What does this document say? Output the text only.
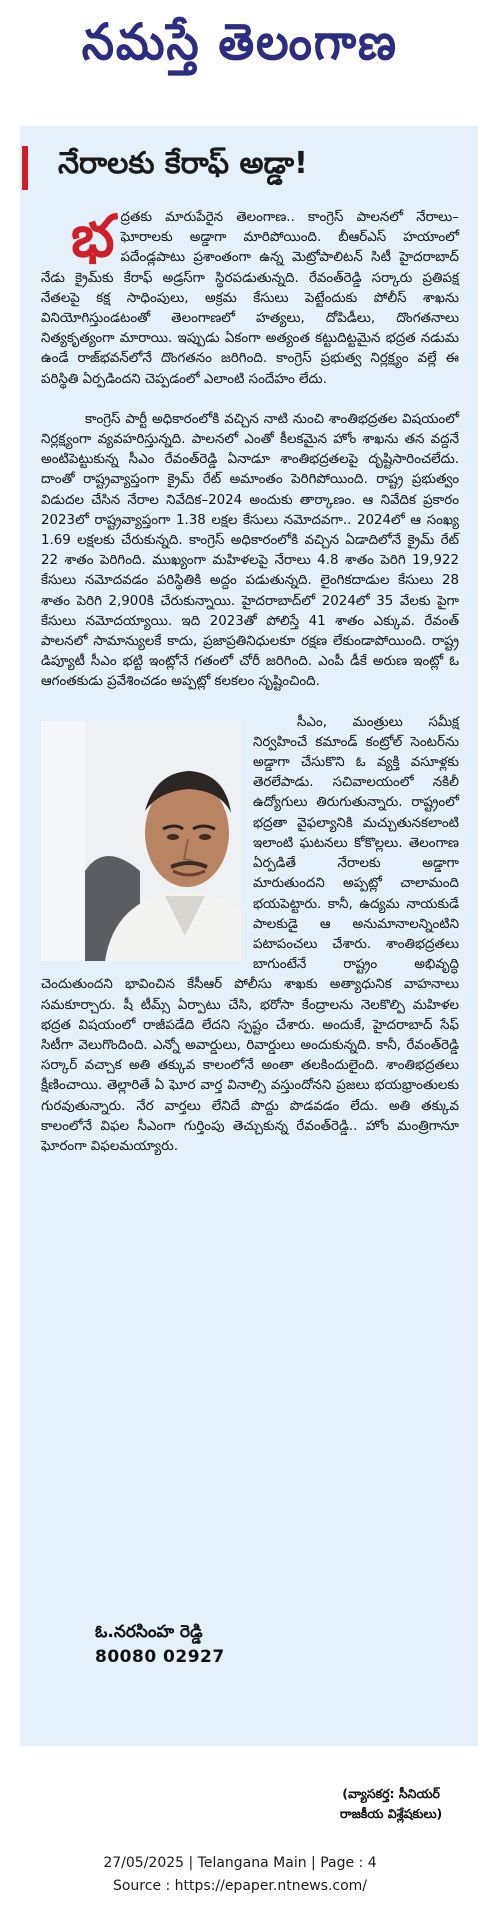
నమస్తే తెలంగాణ
నేరాలకు కేరాఫ్ అడ్డా!

భద్రతకు మారుపేరైన తెలంగాణ.. కాంగ్రెస్ పాలనలో నేరాలు–ఘోరాలకు అడ్డాగా మారిపోయింది. బీఆర్ఎస్ హయాంలో పదేండ్లపాటు ప్రశాంతంగా ఉన్న మెట్రోపాలిటన్ సిటీ హైదరాబాద్ నేడు క్రైమ్‌కు కేరాఫ్ అడ్రస్‌గా స్థిరపడుతున్నది. రేవంత్‌రెడ్డి సర్కారు ప్రతిపక్ష నేతలపై కక్ష సాధింపులు, అక్రమ కేసులు పెట్టేందుకు పోలీస్ శాఖను వినియోగిస్తుండటంతో తెలంగాణలో హత్యలు, దోపిడీలు, దొంగతనాలు నిత్యకృత్యంగా మారాయి. ఇప్పుడు ఏకంగా అత్యంత కట్టుదిట్టమైన భద్రత నడుమ ఉండే రాజ్‌భవన్‌లోనే దొంగతనం జరిగింది. కాంగ్రెస్ ప్రభుత్వ నిర్లక్ష్యం వల్లే ఈ పరిస్థితి ఏర్పడిందని చెప్పడంలో ఎలాంటి సందేహం లేదు.

కాంగ్రెస్ పార్టీ అధికారంలోకి వచ్చిన నాటి నుంచి శాంతిభద్రతల విషయంలో నిర్లక్ష్యంగా వ్యవహరిస్తున్నది. పాలనలో ఎంతో కీలకమైన హోం శాఖను తన వద్దనే అంటిపెట్టుకున్న సీఎం రేవంత్‌రెడ్డి ఏనాడూ శాంతిభద్రతలపై దృష్టిసారించలేదు. దాంతో రాష్ట్రవ్యాప్తంగా క్రైమ్ రేట్ అమాంతం పెరిగిపోయింది. రాష్ట్ర ప్రభుత్వం విడుదల చేసిన నేరాల నివేదిక–2024 అందుకు తార్కాణం. ఆ నివేదిక ప్రకారం 2023లో రాష్ట్రవ్యాప్తంగా 1.38 లక్షల కేసులు నమోదవగా.. 2024లో ఆ సంఖ్య 1.69 లక్షలకు చేరుకున్నది. కాంగ్రెస్ అధికారంలోకి వచ్చిన ఏడాదిలోనే క్రైమ్ రేట్ 22 శాతం పెరిగింది. ముఖ్యంగా మహిళలపై నేరాలు 4.8 శాతం పెరిగి 19,922 కేసులు నమోదవడం పరిస్థితికి అద్దం పడుతున్నది. లైంగికదాడుల కేసులు 28 శాతం పెరిగి 2,900కి చేరుకున్నాయి. హైదరాబాద్‌లో 2024లో 35 వేలకు పైగా కేసులు నమోదయ్యాయి. ఇది 2023తో పోలిస్తే 41 శాతం ఎక్కువ. రేవంత్ పాలనలో సామాన్యులకే కాదు, ప్రజాప్రతినిధులకూ రక్షణ లేకుండాపోయింది. రాష్ట్ర డిప్యూటీ సీఎం భట్టి ఇంట్లోనే గతంలో చోరీ జరిగింది. ఎంపీ డీకే అరుణ ఇంట్లో ఓ ఆగంతకుడు ప్రవేశించడం అప్పట్లో కలకలం సృష్టించింది.

సీఎం, మంత్రులు సమీక్ష నిర్వహించే కమాండ్ కంట్రోల్ సెంటర్‌ను అడ్డాగా చేసుకొని ఓ వ్యక్తి వసూళ్లకు తెరలేపాడు. సచివాలయంలో నకిలీ ఉద్యోగులు తిరుగుతున్నారు. రాష్ట్రంలో భద్రతా వైఫల్యానికి మచ్చుతునకలాంటి ఇలాంటి ఘటనలు కోకొల్లలు. తెలంగాణ ఏర్పడితే నేరాలకు అడ్డాగా మారుతుందని అప్పట్లో చాలామంది భయపెట్టారు. కానీ, ఉద్యమ నాయకుడే పాలకుడై ఆ అనుమానాలన్నింటిని పటాపంచలు చేశారు. శాంతిభద్రతలు బాగుంటేనే రాష్ట్రం అభివృద్ధి చెందుతుందని భావించిన కేసీఆర్ పోలీసు శాఖకు అత్యాధునిక వాహనాలు సమకూర్చారు. షీ టీమ్స్ ఏర్పాటు చేసి, భరోసా కేంద్రాలను నెలకొల్పి మహిళల భద్రత విషయంలో రాజీపడేది లేదని స్పష్టం చేశారు. అందుకే, హైదరాబాద్ సేఫ్ సిటీగా వెలుగొందింది. ఎన్నో అవార్డులు, రివార్డులు అందుకున్నది. కానీ, రేవంత్‌రెడ్డి సర్కార్ వచ్చాక అతి తక్కువ కాలంలోనే అంతా తలకిందులైంది. శాంతిభద్రతలు క్షీణించాయి. తెల్లారితే ఏ ఘోర వార్త వినాల్సి వస్తుందోనని ప్రజలు భయభ్రాంతులకు గురవుతున్నారు. నేర వార్తలు లేనిదే పొద్దు పొడవడం లేదు. అతి తక్కువ కాలంలోనే విఫల సీఎంగా గుర్తింపు తెచ్చుకున్న రేవంత్‌రెడ్డి.. హోం మంత్రిగానూ ఘోరంగా విఫలమయ్యారు.

(వ్యాసకర్త: సీనియర్
రాజకీయ విశ్లేషకులు)
ఓ.నరసింహ రెడ్డి
80080 02927
27/05/2025 | Telangana Main | Page : 4
Source : https://epaper.ntnews.com/
